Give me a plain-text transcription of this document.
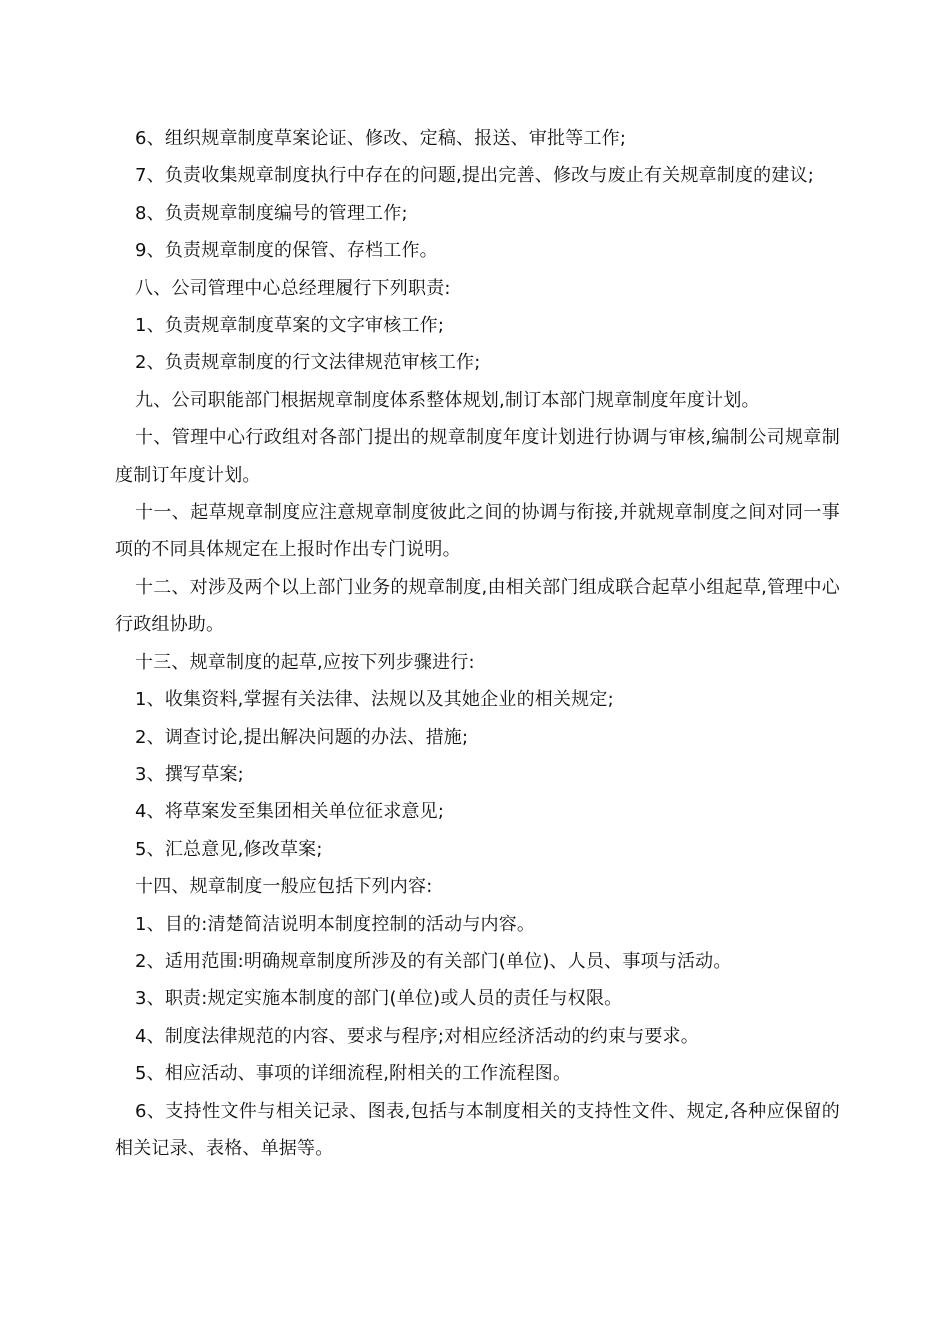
6、组织规章制度草案论证、修改、定稿、报送、审批等工作;

7、负责收集规章制度执行中存在的问题,提出完善、修改与废止有关规章制度的建议;

8、负责规章制度编号的管理工作;

9、负责规章制度的保管、存档工作。

八、公司管理中心总经理履行下列职责:

1、负责规章制度草案的文字审核工作;

2、负责规章制度的行文法律规范审核工作;

九、公司职能部门根据规章制度体系整体规划,制订本部门规章制度年度计划。

十、管理中心行政组对各部门提出的规章制度年度计划进行协调与审核,编制公司规章制度制订年度计划。

十一、起草规章制度应注意规章制度彼此之间的协调与衔接,并就规章制度之间对同一事项的不同具体规定在上报时作出专门说明。

十二、对涉及两个以上部门业务的规章制度,由相关部门组成联合起草小组起草,管理中心行政组协助。

十三、规章制度的起草,应按下列步骤进行:

1、收集资料,掌握有关法律、法规以及其她企业的相关规定;

2、调查讨论,提出解决问题的办法、措施;

3、撰写草案;

4、将草案发至集团相关单位征求意见;

5、汇总意见,修改草案;

十四、规章制度一般应包括下列内容:

1、目的:清楚简洁说明本制度控制的活动与内容。

2、适用范围:明确规章制度所涉及的有关部门(单位)、人员、事项与活动。

3、职责:规定实施本制度的部门(单位)或人员的责任与权限。

4、制度法律规范的内容、要求与程序;对相应经济活动的约束与要求。

5、相应活动、事项的详细流程,附相关的工作流程图。

6、支持性文件与相关记录、图表,包括与本制度相关的支持性文件、规定,各种应保留的相关记录、表格、单据等。
